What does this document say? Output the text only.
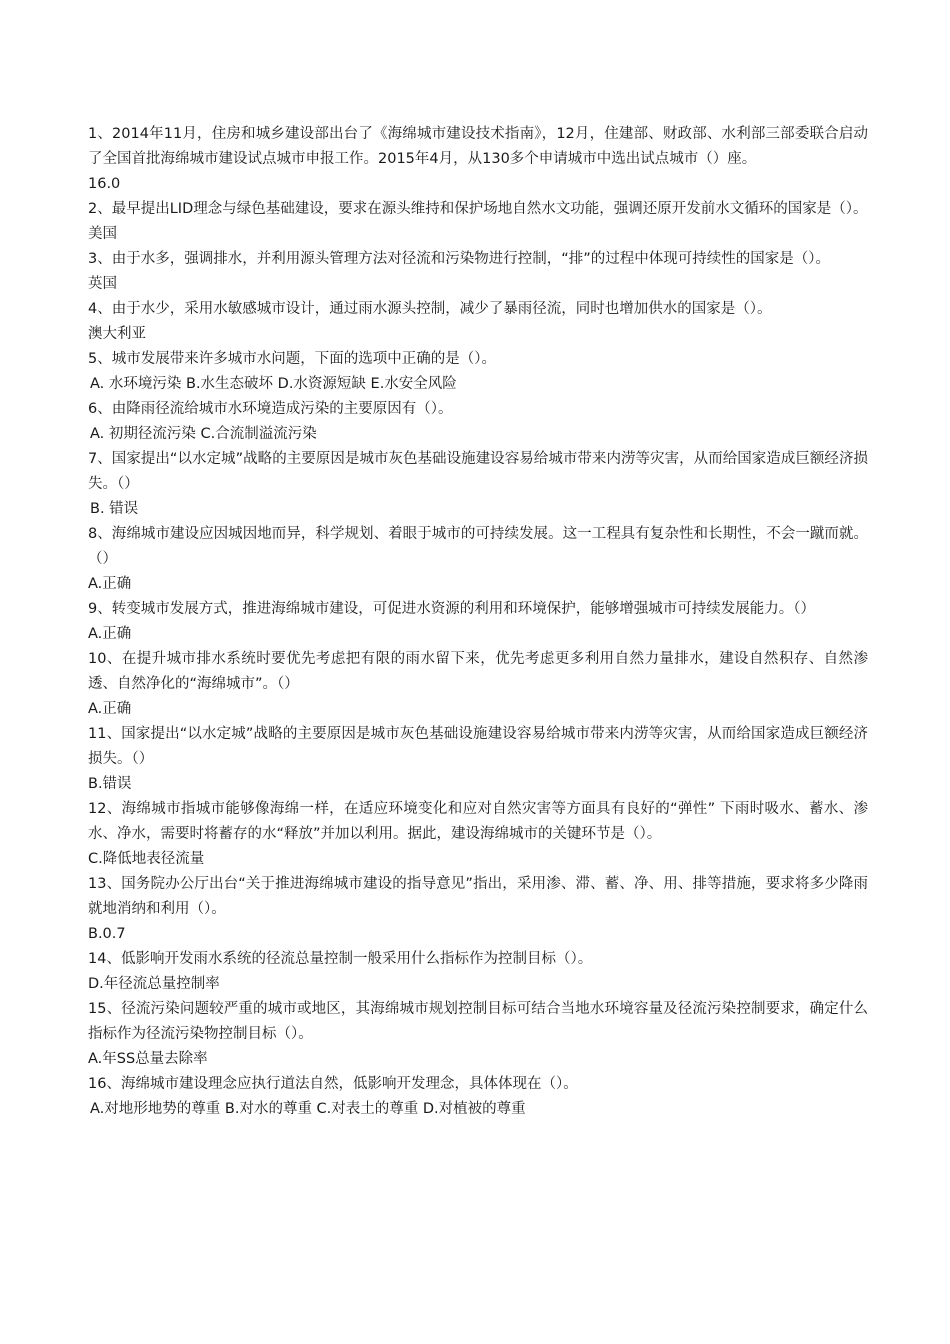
1、2014年11月，住房和城乡建设部出台了《海绵城市建设技术指南》，12月，住建部、财政部、水利部三部委联合启动了全国首批海绵城市建设试点城市申报工作。2015年4月，从130多个申请城市中选出试点城市（）座。

16.0

2、最早提出LID理念与绿色基础建设，要求在源头维持和保护场地自然水文功能，强调还原开发前水文循环的国家是（）。

美国

3、由于水多，强调排水，并利用源头管理方法对径流和污染物进行控制，“排”的过程中体现可持续性的国家是（）。

英国

4、由于水少，采用水敏感城市设计，通过雨水源头控制，减少了暴雨径流，同时也增加供水的国家是（）。

澳大利亚

5、城市发展带来许多城市水问题，下面的选项中正确的是（）。

A. 水环境污染 B.水生态破坏 D.水资源短缺 E.水安全风险

6、由降雨径流给城市水环境造成污染的主要原因有（）。

A. 初期径流污染 C.合流制溢流污染

7、国家提出“以水定城”战略的主要原因是城市灰色基础设施建设容易给城市带来内涝等灾害，从而给国家造成巨额经济损失。（）

B. 错误

8、海绵城市建设应因城因地而异，科学规划、着眼于城市的可持续发展。这一工程具有复杂性和长期性，不会一蹴而就。（）

A.正确

9、转变城市发展方式，推进海绵城市建设，可促进水资源的利用和环境保护，能够增强城市可持续发展能力。（）

A.正确

10、在提升城市排水系统时要优先考虑把有限的雨水留下来，优先考虑更多利用自然力量排水，建设自然积存、自然渗透、自然净化的“海绵城市”。（）

A.正确

11、国家提出“以水定城”战略的主要原因是城市灰色基础设施建设容易给城市带来内涝等灾害，从而给国家造成巨额经济损失。（）

B.错误

12、海绵城市指城市能够像海绵一样，在适应环境变化和应对自然灾害等方面具有良好的“弹性” 下雨时吸水、蓄水、渗水、净水，需要时将蓄存的水“释放”并加以利用。据此，建设海绵城市的关键环节是（）。

C.降低地表径流量

13、国务院办公厅出台“关于推进海绵城市建设的指导意见”指出，采用渗、滞、蓄、净、用、排等措施，要求将多少降雨就地消纳和利用（）。

B.0.7

14、低影响开发雨水系统的径流总量控制一般采用什么指标作为控制目标（）。

D.年径流总量控制率

15、径流污染问题较严重的城市或地区，其海绵城市规划控制目标可结合当地水环境容量及径流污染控制要求，确定什么指标作为径流污染物控制目标（）。

A.年SS总量去除率

16、海绵城市建设理念应执行道法自然，低影响开发理念，具体体现在（）。

A.对地形地势的尊重 B.对水的尊重 C.对表土的尊重 D.对植被的尊重
